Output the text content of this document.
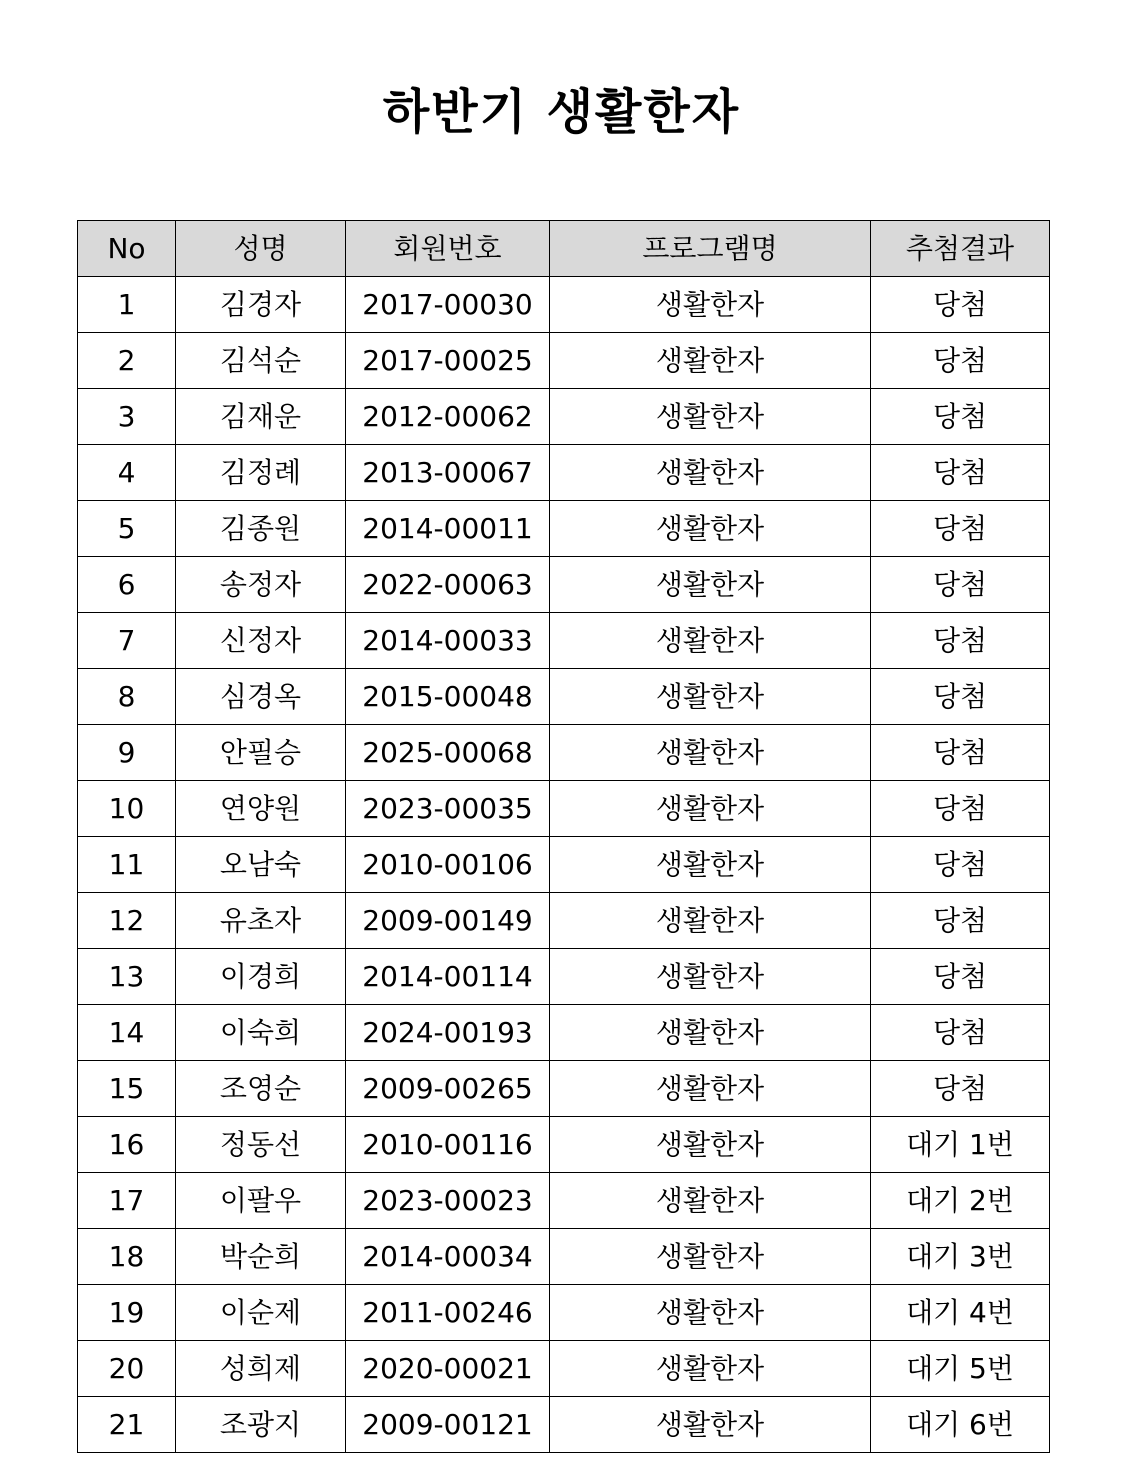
하반기 생활한자
No	성명	회원번호	프로그램명	추첨결과
1	김경자	2017-00030	생활한자	당첨
2	김석순	2017-00025	생활한자	당첨
3	김재운	2012-00062	생활한자	당첨
4	김정례	2013-00067	생활한자	당첨
5	김종원	2014-00011	생활한자	당첨
6	송정자	2022-00063	생활한자	당첨
7	신정자	2014-00033	생활한자	당첨
8	심경옥	2015-00048	생활한자	당첨
9	안필승	2025-00068	생활한자	당첨
10	연양원	2023-00035	생활한자	당첨
11	오남숙	2010-00106	생활한자	당첨
12	유초자	2009-00149	생활한자	당첨
13	이경희	2014-00114	생활한자	당첨
14	이숙희	2024-00193	생활한자	당첨
15	조영순	2009-00265	생활한자	당첨
16	정동선	2010-00116	생활한자	대기 1번
17	이팔우	2023-00023	생활한자	대기 2번
18	박순희	2014-00034	생활한자	대기 3번
19	이순제	2011-00246	생활한자	대기 4번
20	성희제	2020-00021	생활한자	대기 5번
21	조광지	2009-00121	생활한자	대기 6번
